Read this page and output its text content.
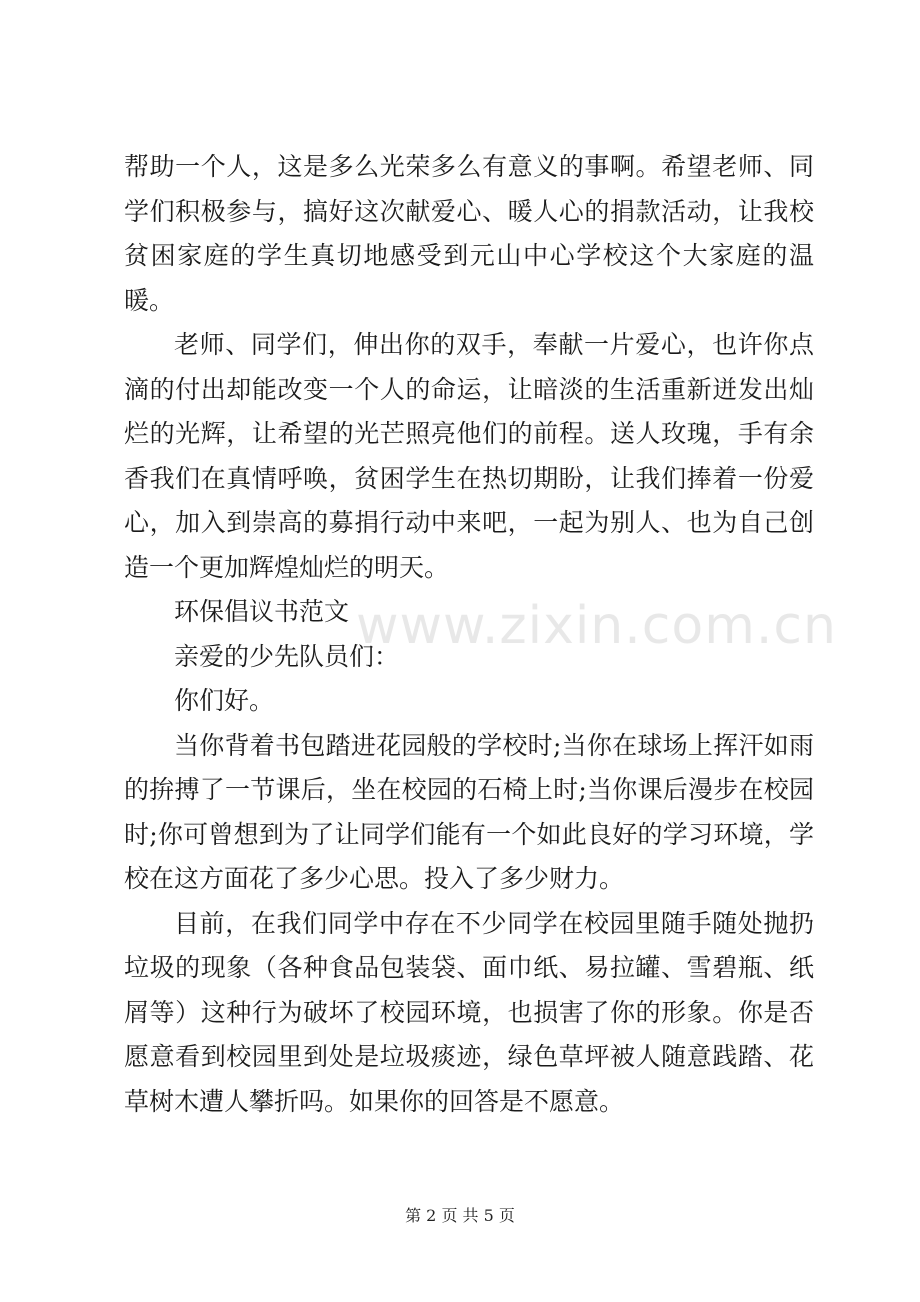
帮助一个人，这是多么光荣多么有意义的事啊。希望老师、同学们积极参与，搞好这次献爱心、暖人心的捐款活动，让我校贫困家庭的学生真切地感受到元山中心学校这个大家庭的温暖。

老师、同学们，伸出你的双手，奉献一片爱心，也许你点滴的付出却能改变一个人的命运，让暗淡的生活重新迸发出灿烂的光辉，让希望的光芒照亮他们的前程。送人玫瑰，手有余香我们在真情呼唤，贫困学生在热切期盼，让我们捧着一份爱心，加入到崇高的募捐行动中来吧，一起为别人、也为自己创造一个更加辉煌灿烂的明天。

环保倡议书范文

亲爱的少先队员们：

你们好。

当你背着书包踏进花园般的学校时;当你在球场上挥汗如雨的拚搏了一节课后，坐在校园的石椅上时;当你课后漫步在校园时;你可曾想到为了让同学们能有一个如此良好的学习环境，学校在这方面花了多少心思。投入了多少财力。

目前，在我们同学中存在不少同学在校园里随手随处抛扔垃圾的现象（各种食品包装袋、面巾纸、易拉罐、雪碧瓶、纸屑等）这种行为破坏了校园环境，也损害了你的形象。你是否愿意看到校园里到处是垃圾痰迹，绿色草坪被人随意践踏、花草树木遭人攀折吗。如果你的回答是不愿意。

www.zixin.com.cn
第 2 页 共 5 页
